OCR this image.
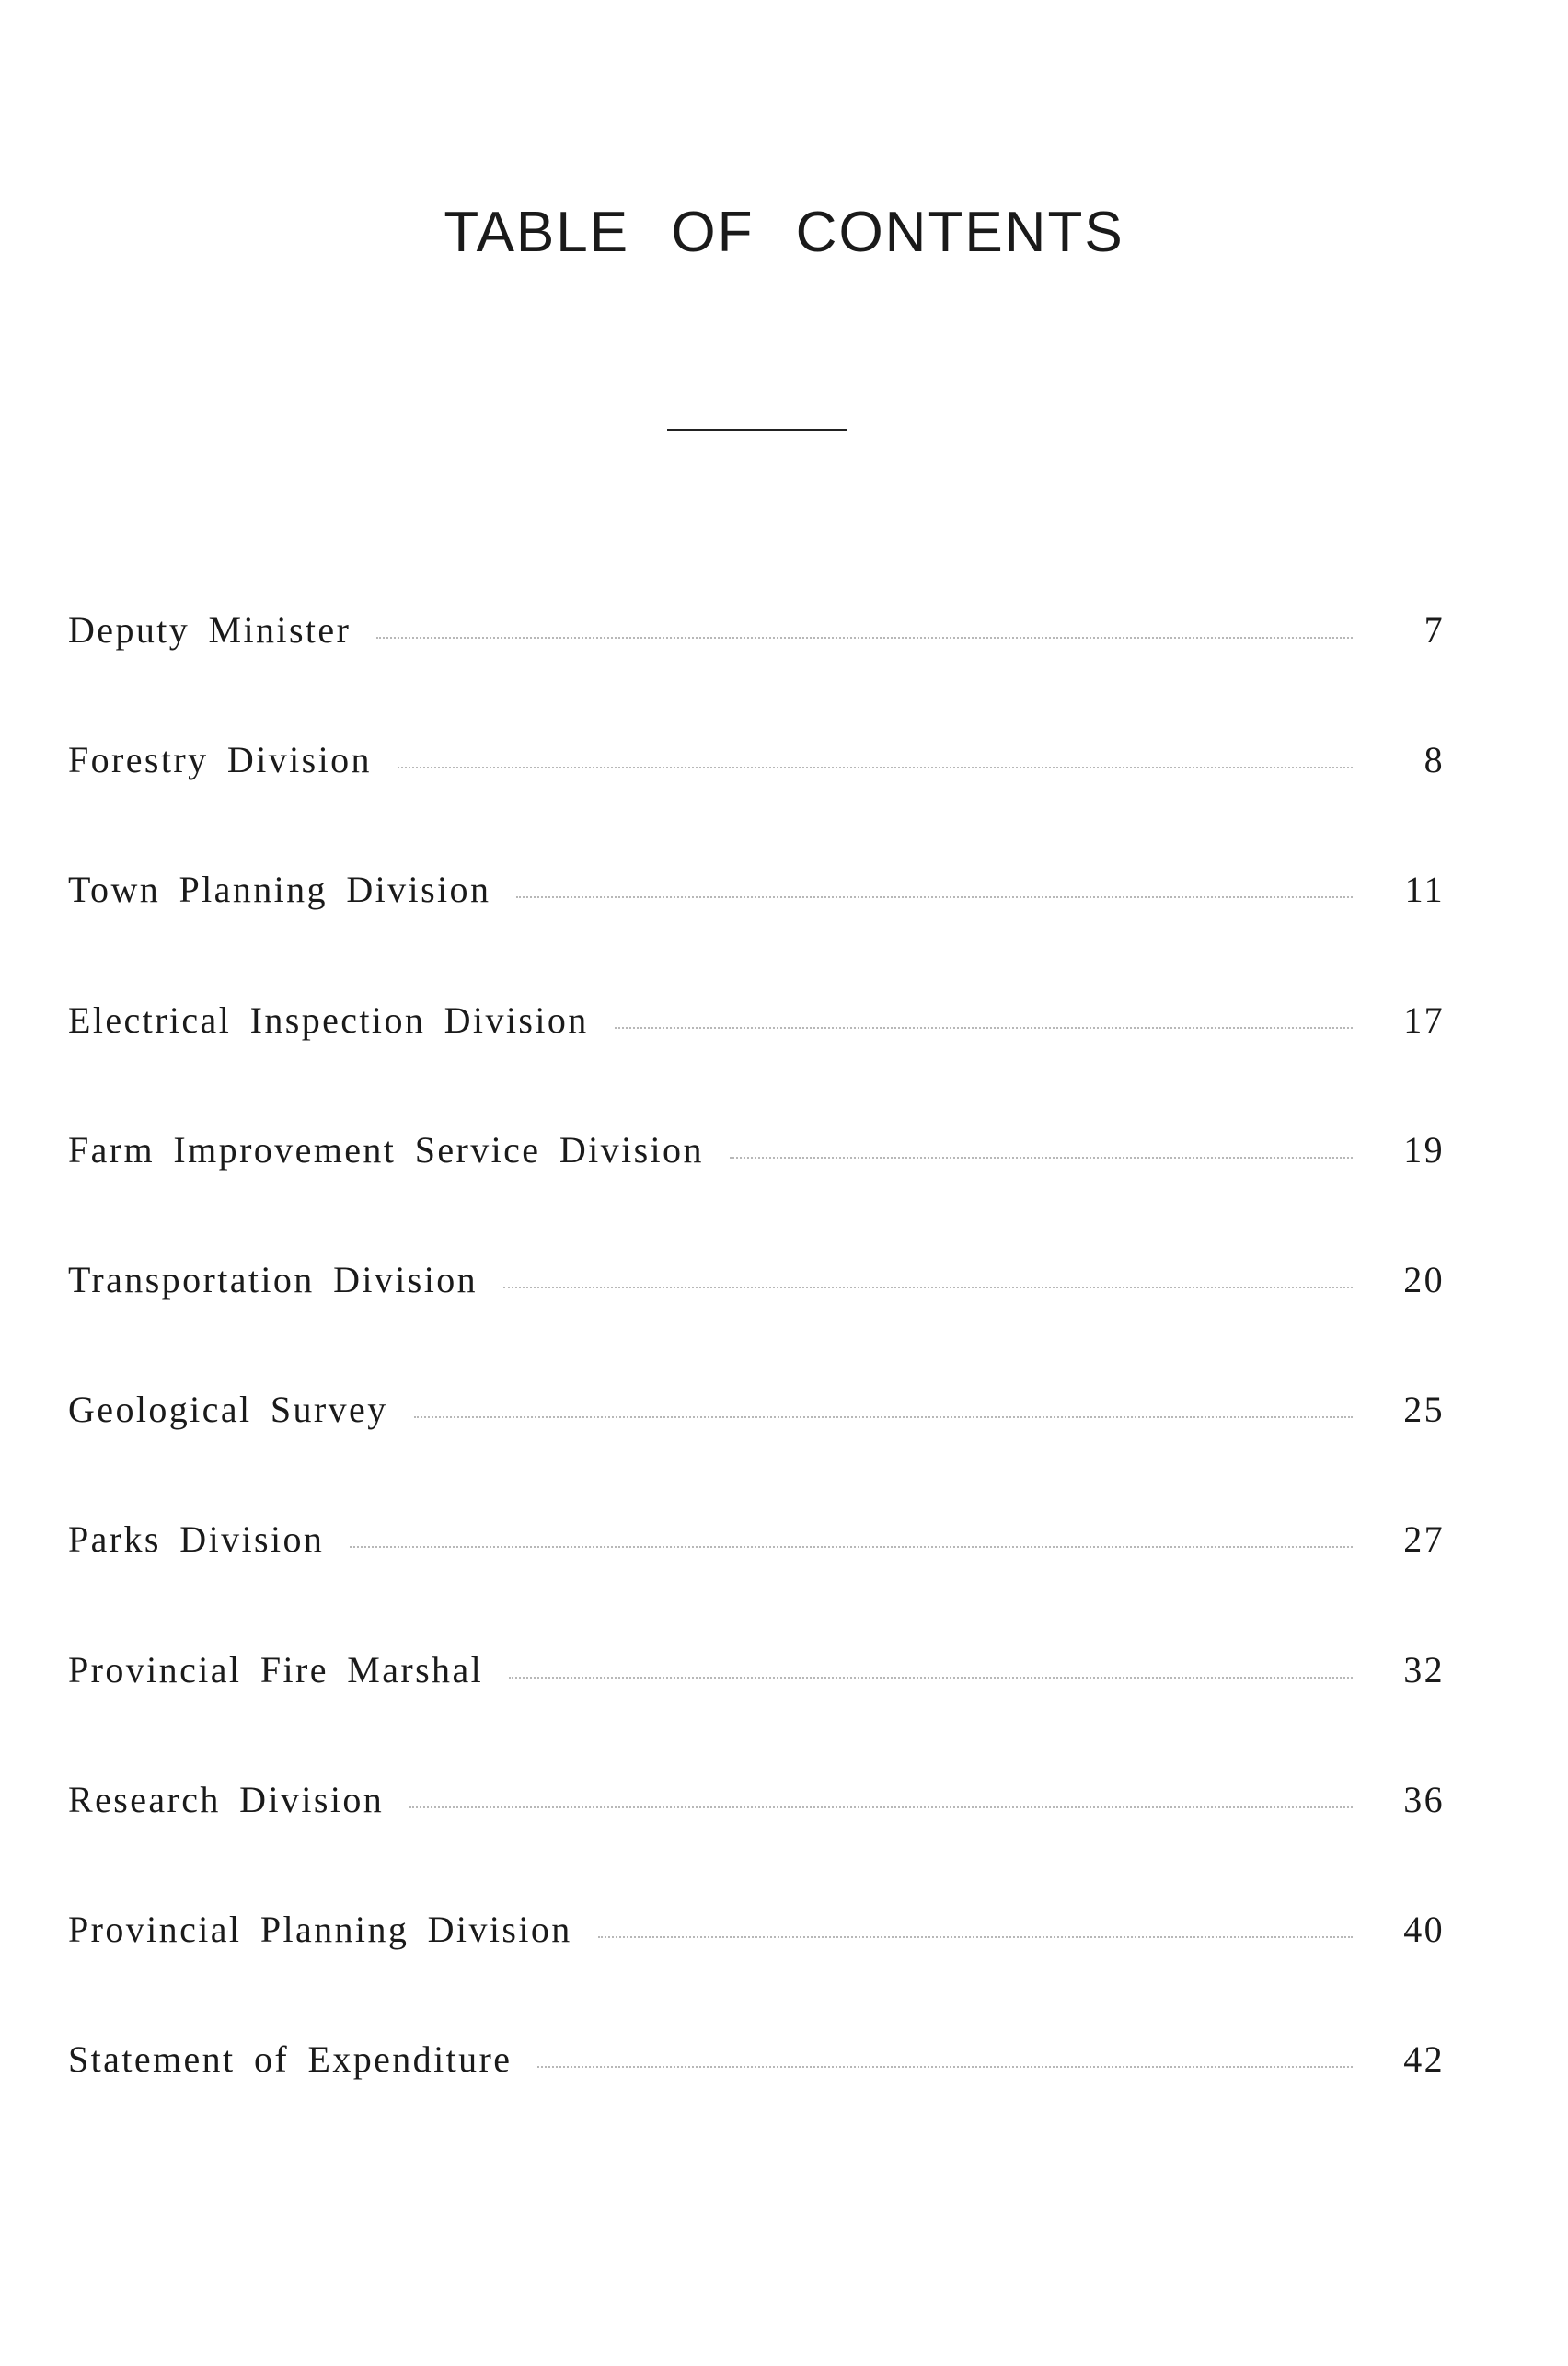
TABLE OF CONTENTS
Deputy Minister	7
Forestry Division	8
Town Planning Division	11
Electrical Inspection Division	17
Farm Improvement Service Division	19
Transportation Division	20
Geological Survey	25
Parks Division	27
Provincial Fire Marshal	32
Research Division	36
Provincial Planning Division	40
Statement of Expenditure	42
